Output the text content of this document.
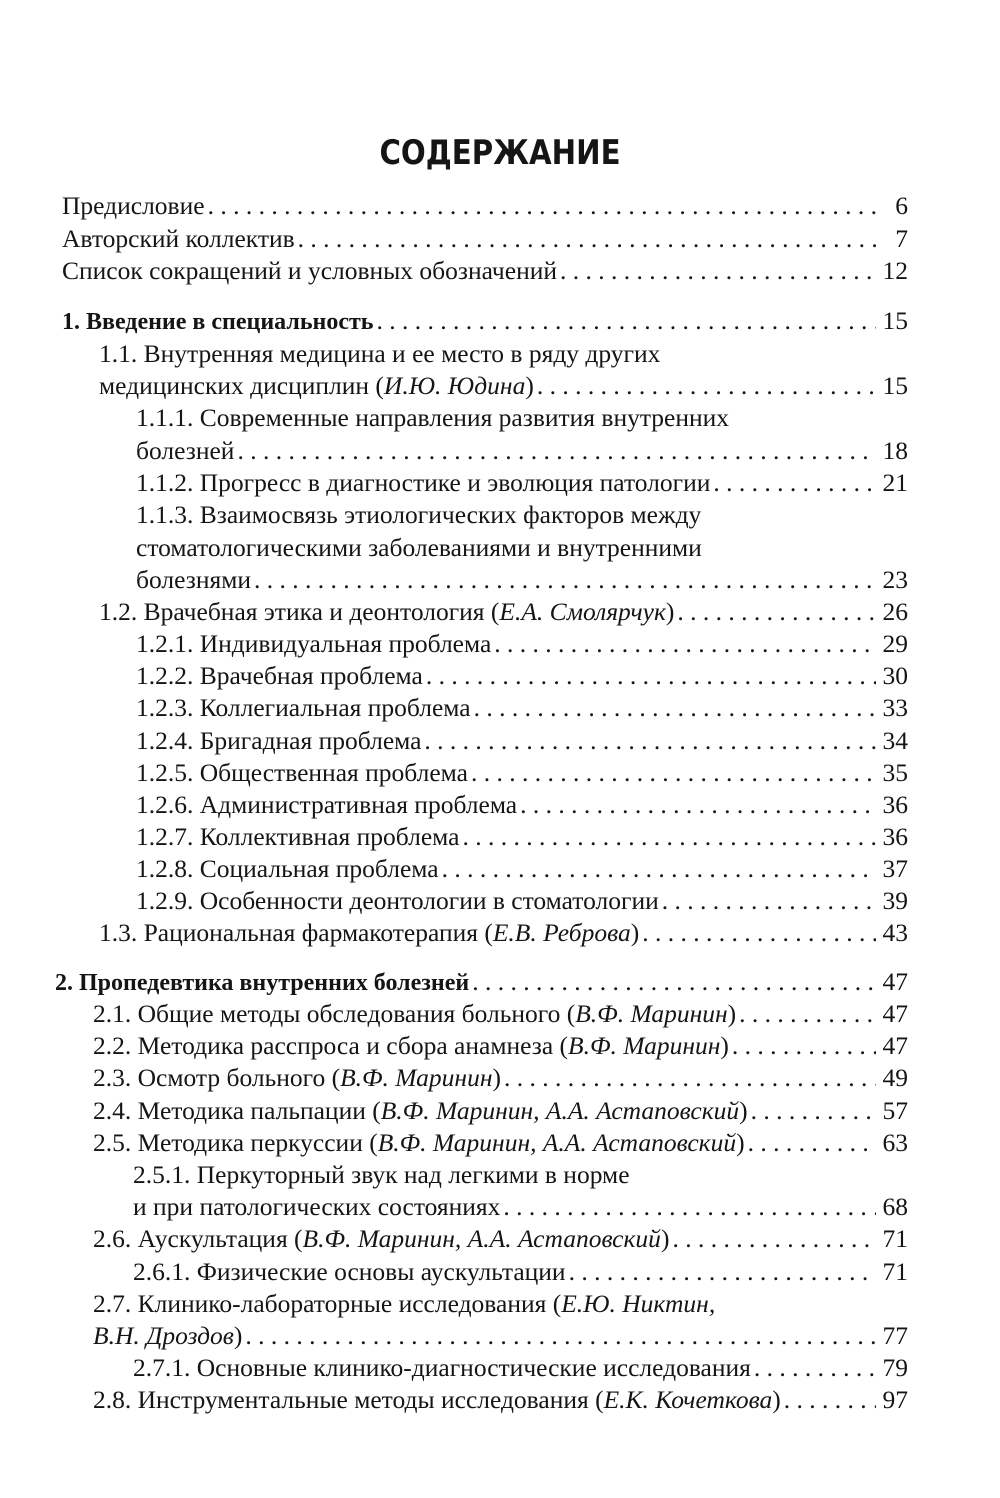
СОДЕРЖАНИЕ
Предисловие . . .	6
Авторский коллектив . . .	7
Список сокращений и условных обозначений . . .	12
1. Введение в специальность . . .	15
1.1. Внутренняя медицина и ее место в ряду других
медицинских дисциплин (И.Ю. Юдина) . . .	15
1.1.1. Современные направления развития внутренних
болезней . . .	18
1.1.2. Прогресс в диагностике и эволюция патологии . . .	21
1.1.3. Взаимосвязь этиологических факторов между
стоматологическими заболеваниями и внутренними
болезнями . . .	23
1.2. Врачебная этика и деонтология (Е.А. Смолярчук) . . .	26
1.2.1. Индивидуальная проблема . . .	29
1.2.2. Врачебная проблема . . .	30
1.2.3. Коллегиальная проблема . . .	33
1.2.4. Бригадная проблема . . .	34
1.2.5. Общественная проблема . . .	35
1.2.6. Административная проблема . . .	36
1.2.7. Коллективная проблема . . .	36
1.2.8. Социальная проблема . . .	37
1.2.9. Особенности деонтологии в стоматологии . . .	39
1.3. Рациональная фармакотерапия (Е.В. Реброва) . . .	43
2. Пропедевтика внутренних болезней . . .	47
2.1. Общие методы обследования больного (В.Ф. Маринин) . . .	47
2.2. Методика расспроса и сбора анамнеза (В.Ф. Маринин) . . .	47
2.3. Осмотр больного (В.Ф. Маринин) . . .	49
2.4. Методика пальпации (В.Ф. Маринин, А.А. Астаповский) . . .	57
2.5. Методика перкуссии (В.Ф. Маринин, А.А. Астаповский) . . .	63
2.5.1. Перкуторный звук над легкими в норме
и при патологических состояниях . . .	68
2.6. Аускультация (В.Ф. Маринин, А.А. Астаповский) . . .	71
2.6.1. Физические основы аускультации . . .	71
2.7. Клинико-лабораторные исследования (Е.Ю. Никтин,
В.Н. Дроздов) . . .	77
2.7.1. Основные клинико-диагностические исследования . . .	79
2.8. Инструментальные методы исследования (Е.К. Кочеткова) . . .	97
